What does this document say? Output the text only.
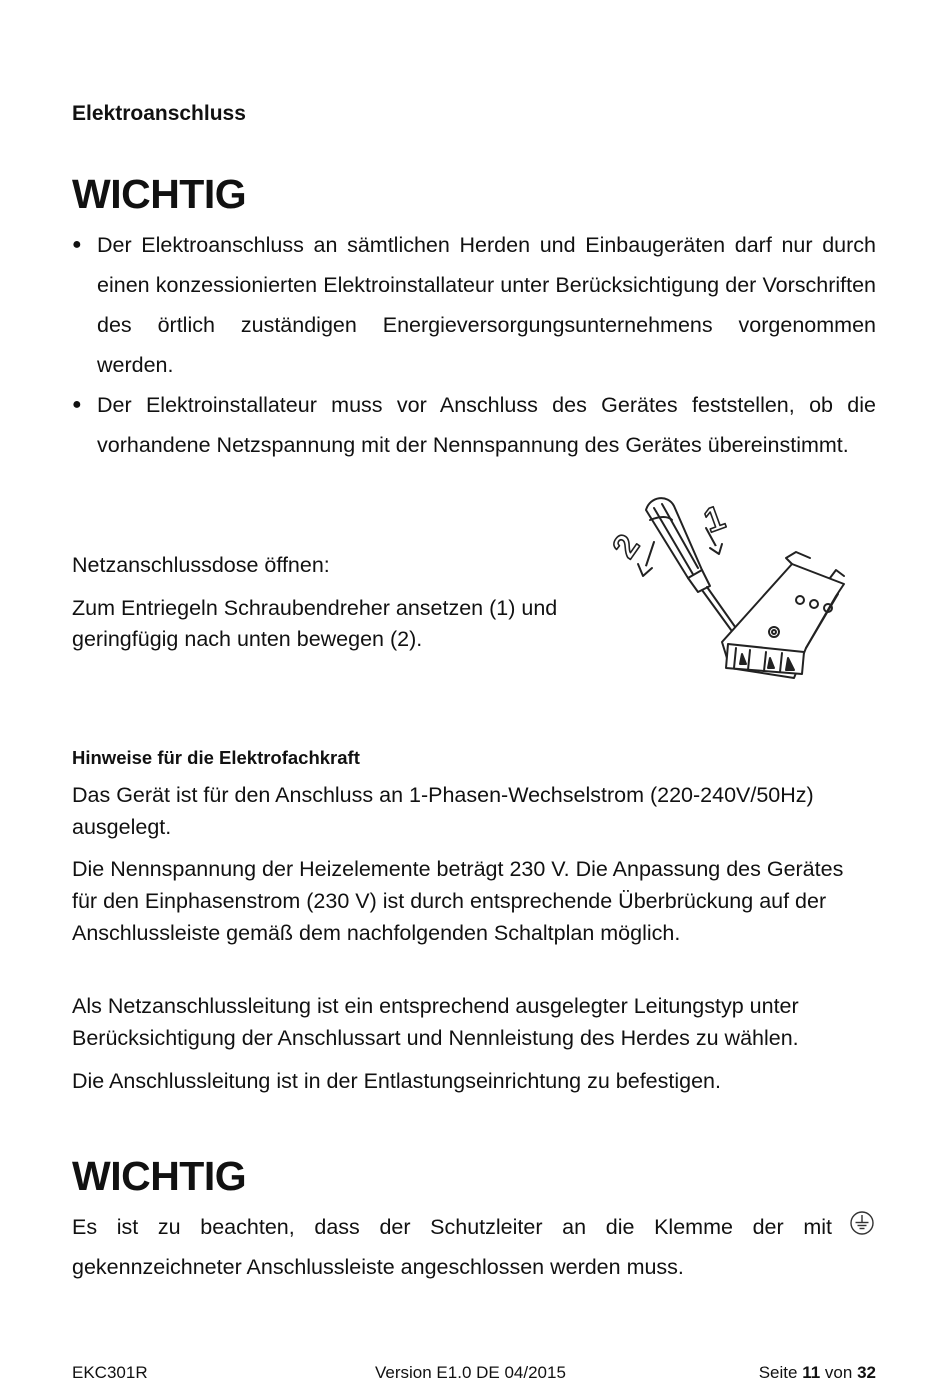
Elektroanschluss
WICHTIG
● Der Elektroanschluss an sämtlichen Herden und Einbaugeräten darf nur durch einen konzessionierten Elektroinstallateur unter Berücksichtigung der Vorschriften des örtlich zuständigen Energieversorgungsunternehmens vorgenommen werden.
● Der Elektroinstallateur muss vor Anschluss des Gerätes feststellen, ob die vorhandene Netzspannung mit der Nennspannung des Gerätes übereinstimmt.
Netzanschlussdose öffnen:
Zum Entriegeln Schraubendreher ansetzen (1) und
geringfügig nach unten bewegen (2).
2
1
Hinweise für die Elektrofachkraft
Das Gerät ist für den Anschluss an 1-Phasen-Wechselstrom (220-240V/50Hz) ausgelegt.
Die Nennspannung der Heizelemente beträgt 230 V. Die Anpassung des Gerätes für den Einphasenstrom (230 V) ist durch entsprechende Überbrückung auf der Anschlussleiste gemäß dem nachfolgenden Schaltplan möglich.
Als Netzanschlussleitung ist ein entsprechend ausgelegter Leitungstyp unter Berücksichtigung der Anschlussart und Nennleistung des Herdes zu wählen.
Die Anschlussleitung ist in der Entlastungseinrichtung zu befestigen.
WICHTIG
Es ist zu beachten, dass der Schutzleiter an die Klemme der mit
gekennzeichneter Anschlussleiste angeschlossen werden muss.
EKC301R	Version E1.0 DE 04/2015	Seite 11 von 32
